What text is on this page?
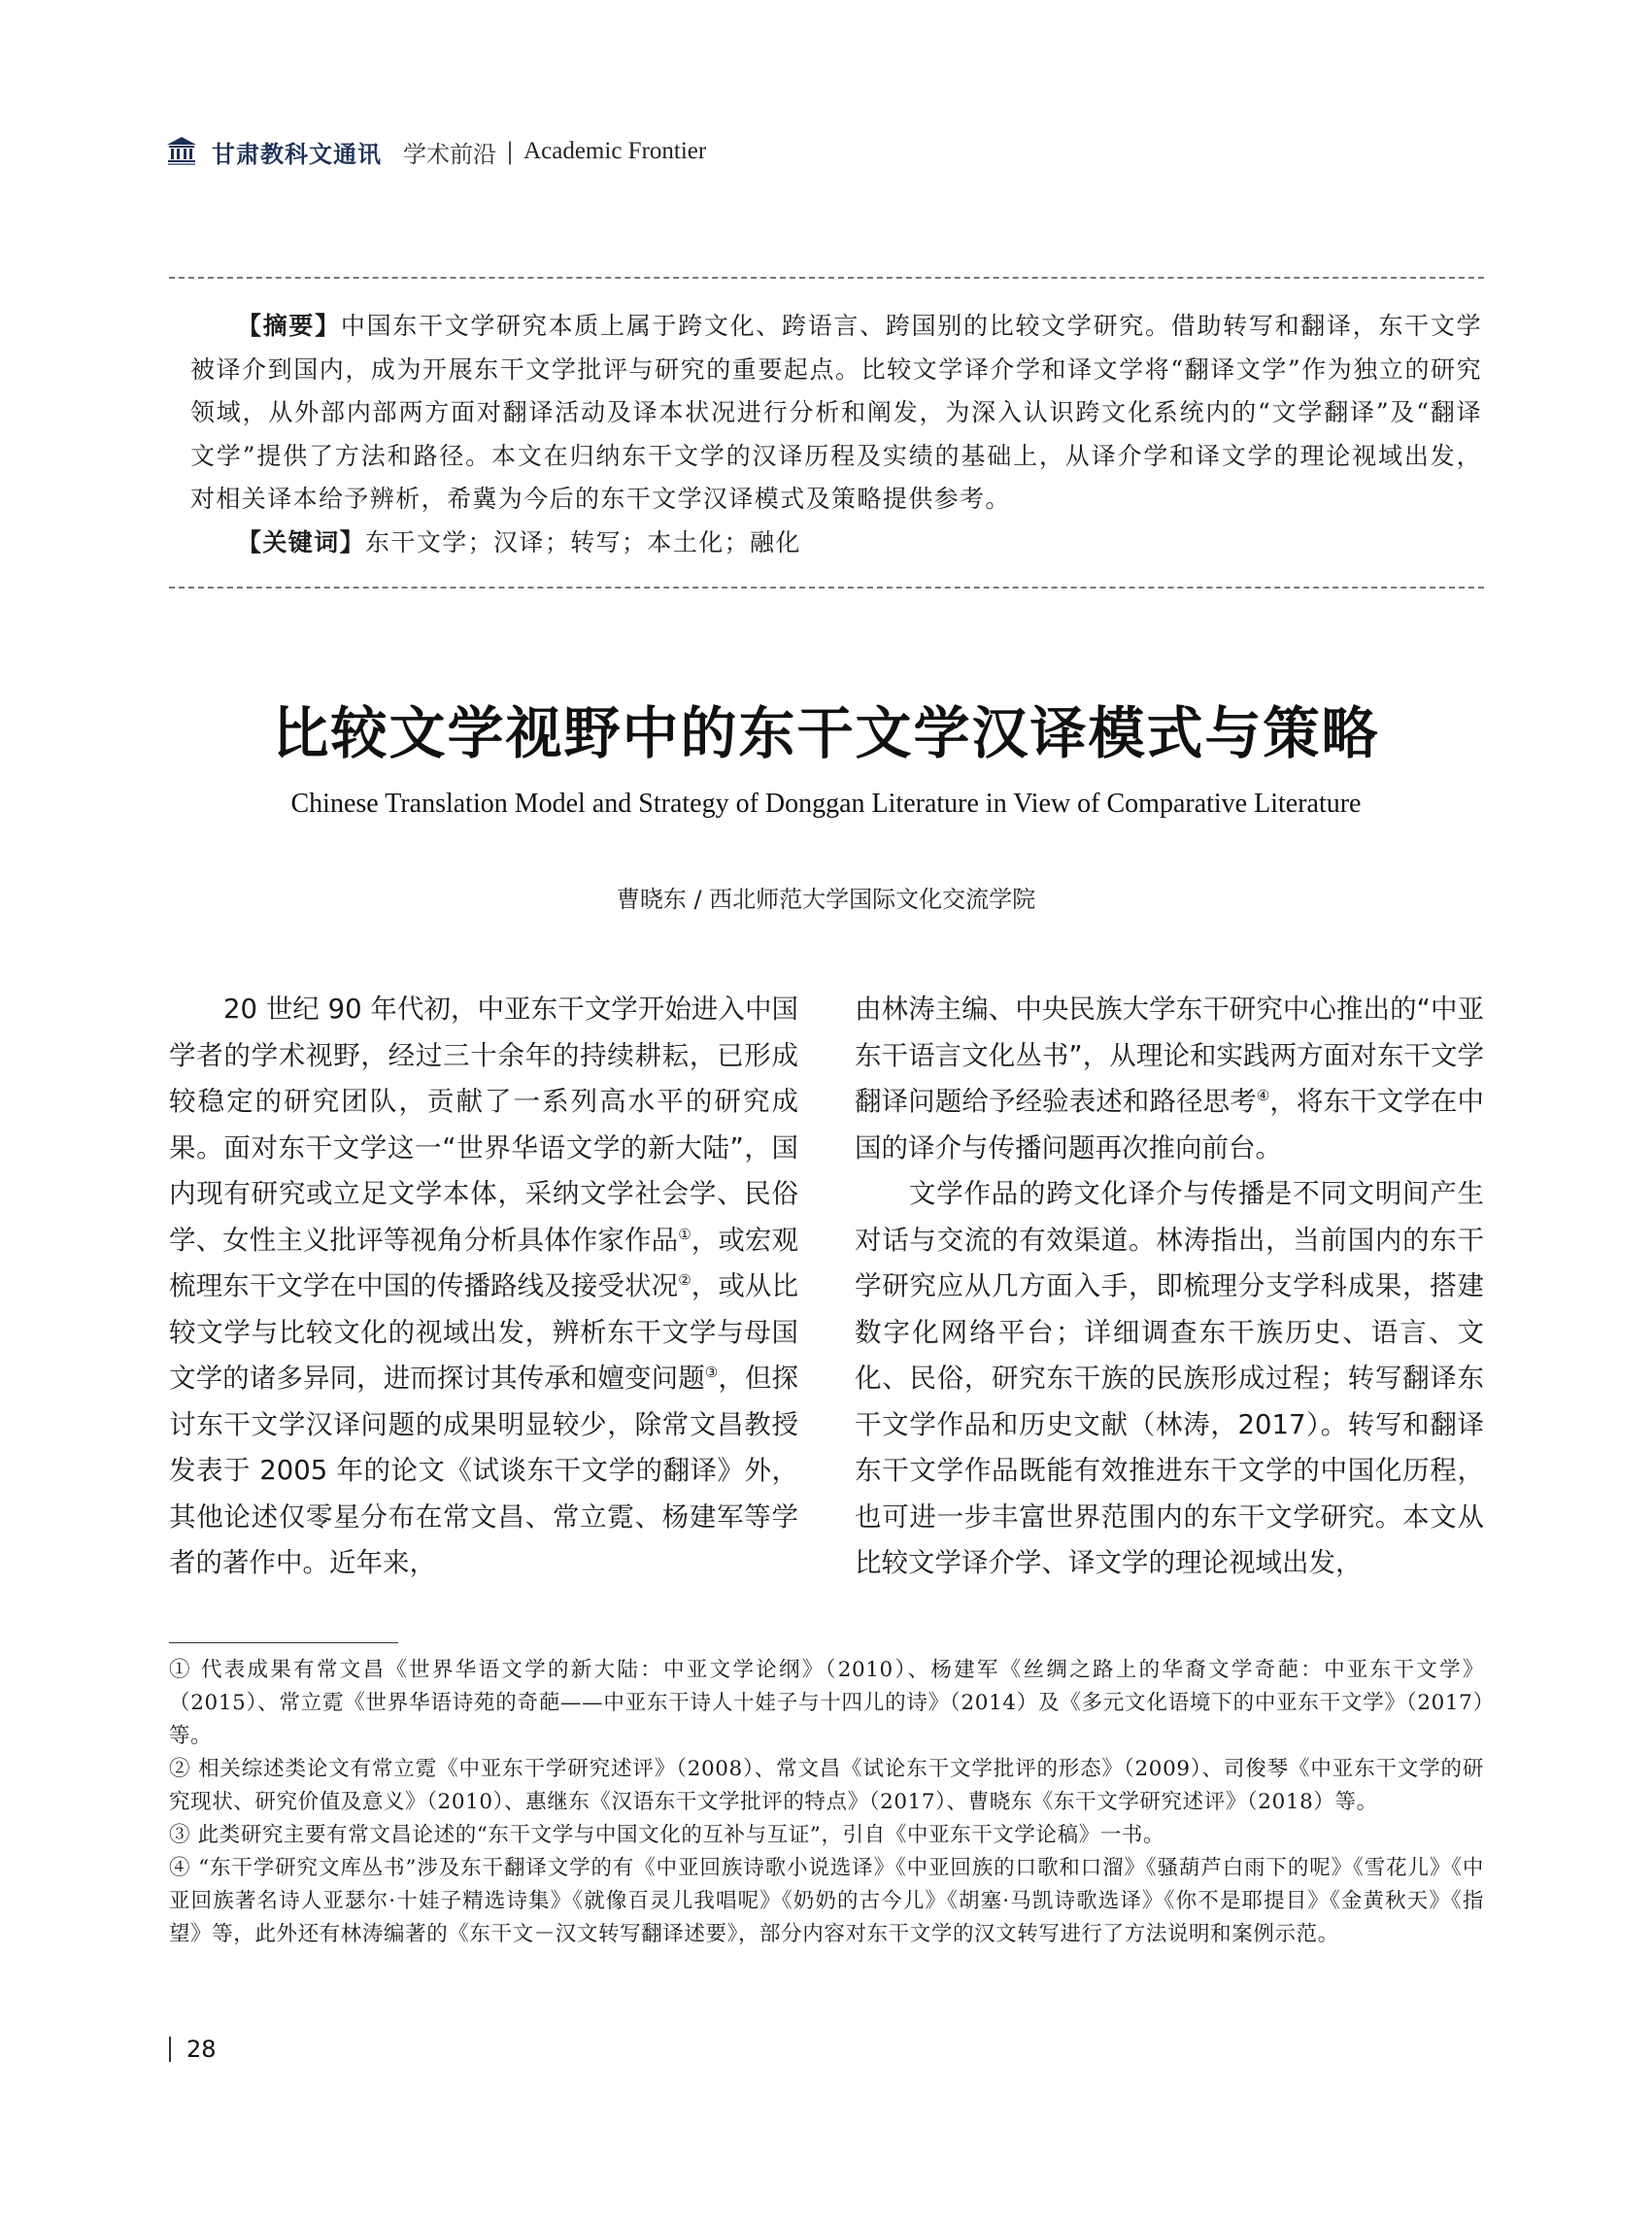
甘肃教科文通讯 学术前沿 | Academic Frontier

【摘要】中国东干文学研究本质上属于跨文化、跨语言、跨国别的比较文学研究。借助转写和翻译，东干文学被译介到国内，成为开展东干文学批评与研究的重要起点。比较文学译介学和译文学将“翻译文学”作为独立的研究领域，从外部内部两方面对翻译活动及译本状况进行分析和阐发，为深入认识跨文化系统内的“文学翻译”及“翻译文学”提供了方法和路径。本文在归纳东干文学的汉译历程及实绩的基础上，从译介学和译文学的理论视域出发，对相关译本给予辨析，希冀为今后的东干文学汉译模式及策略提供参考。

【关键词】东干文学；汉译；转写；本土化；融化

比较文学视野中的东干文学汉译模式与策略
Chinese Translation Model and Strategy of Donggan Literature in View of Comparative Literature
曹晓东 / 西北师范大学国际文化交流学院

20 世纪 90 年代初，中亚东干文学开始进入中国学者的学术视野，经过三十余年的持续耕耘，已形成较稳定的研究团队，贡献了一系列高水平的研究成果。面对东干文学这一“世界华语文学的新大陆”，国内现有研究或立足文学本体，采纳文学社会学、民俗学、女性主义批评等视角分析具体作家作品①，或宏观梳理东干文学在中国的传播路线及接受状况②，或从比较文学与比较文化的视域出发，辨析东干文学与母国文学的诸多异同，进而探讨其传承和嬗变问题③，但探讨东干文学汉译问题的成果明显较少，除常文昌教授发表于 2005 年的论文《试谈东干文学的翻译》外，其他论述仅零星分布在常文昌、常立霓、杨建军等学者的著作中。近年来，

由林涛主编、中央民族大学东干研究中心推出的“中亚东干语言文化丛书”，从理论和实践两方面对东干文学翻译问题给予经验表述和路径思考④，将东干文学在中国的译介与传播问题再次推向前台。

文学作品的跨文化译介与传播是不同文明间产生对话与交流的有效渠道。林涛指出，当前国内的东干学研究应从几方面入手，即梳理分支学科成果，搭建数字化网络平台；详细调查东干族历史、语言、文化、民俗，研究东干族的民族形成过程；转写翻译东干文学作品和历史文献（林涛，2017）。转写和翻译东干文学作品既能有效推进东干文学的中国化历程，也可进一步丰富世界范围内的东干文学研究。本文从比较文学译介学、译文学的理论视域出发，

① 代表成果有常文昌《世界华语文学的新大陆：中亚文学论纲》（2010）、杨建军《丝绸之路上的华裔文学奇葩：中亚东干文学》（2015）、常立霓《世界华语诗苑的奇葩——中亚东干诗人十娃子与十四儿的诗》（2014）及《多元文化语境下的中亚东干文学》（2017）等。

② 相关综述类论文有常立霓《中亚东干学研究述评》（2008）、常文昌《试论东干文学批评的形态》（2009）、司俊琴《中亚东干文学的研究现状、研究价值及意义》（2010）、惠继东《汉语东干文学批评的特点》（2017）、曹晓东《东干文学研究述评》（2018）等。

③ 此类研究主要有常文昌论述的“东干文学与中国文化的互补与互证”，引自《中亚东干文学论稿》一书。

④ “东干学研究文库丛书”涉及东干翻译文学的有《中亚回族诗歌小说选译》《中亚回族的口歌和口溜》《骚葫芦白雨下的呢》《雪花儿》《中亚回族著名诗人亚瑟尔·十娃子精选诗集》《就像百灵儿我唱呢》《奶奶的古今儿》《胡塞·马凯诗歌选译》《你不是耶提目》《金黄秋天》《指望》等，此外还有林涛编著的《东干文－汉文转写翻译述要》，部分内容对东干文学的汉文转写进行了方法说明和案例示范。

28
